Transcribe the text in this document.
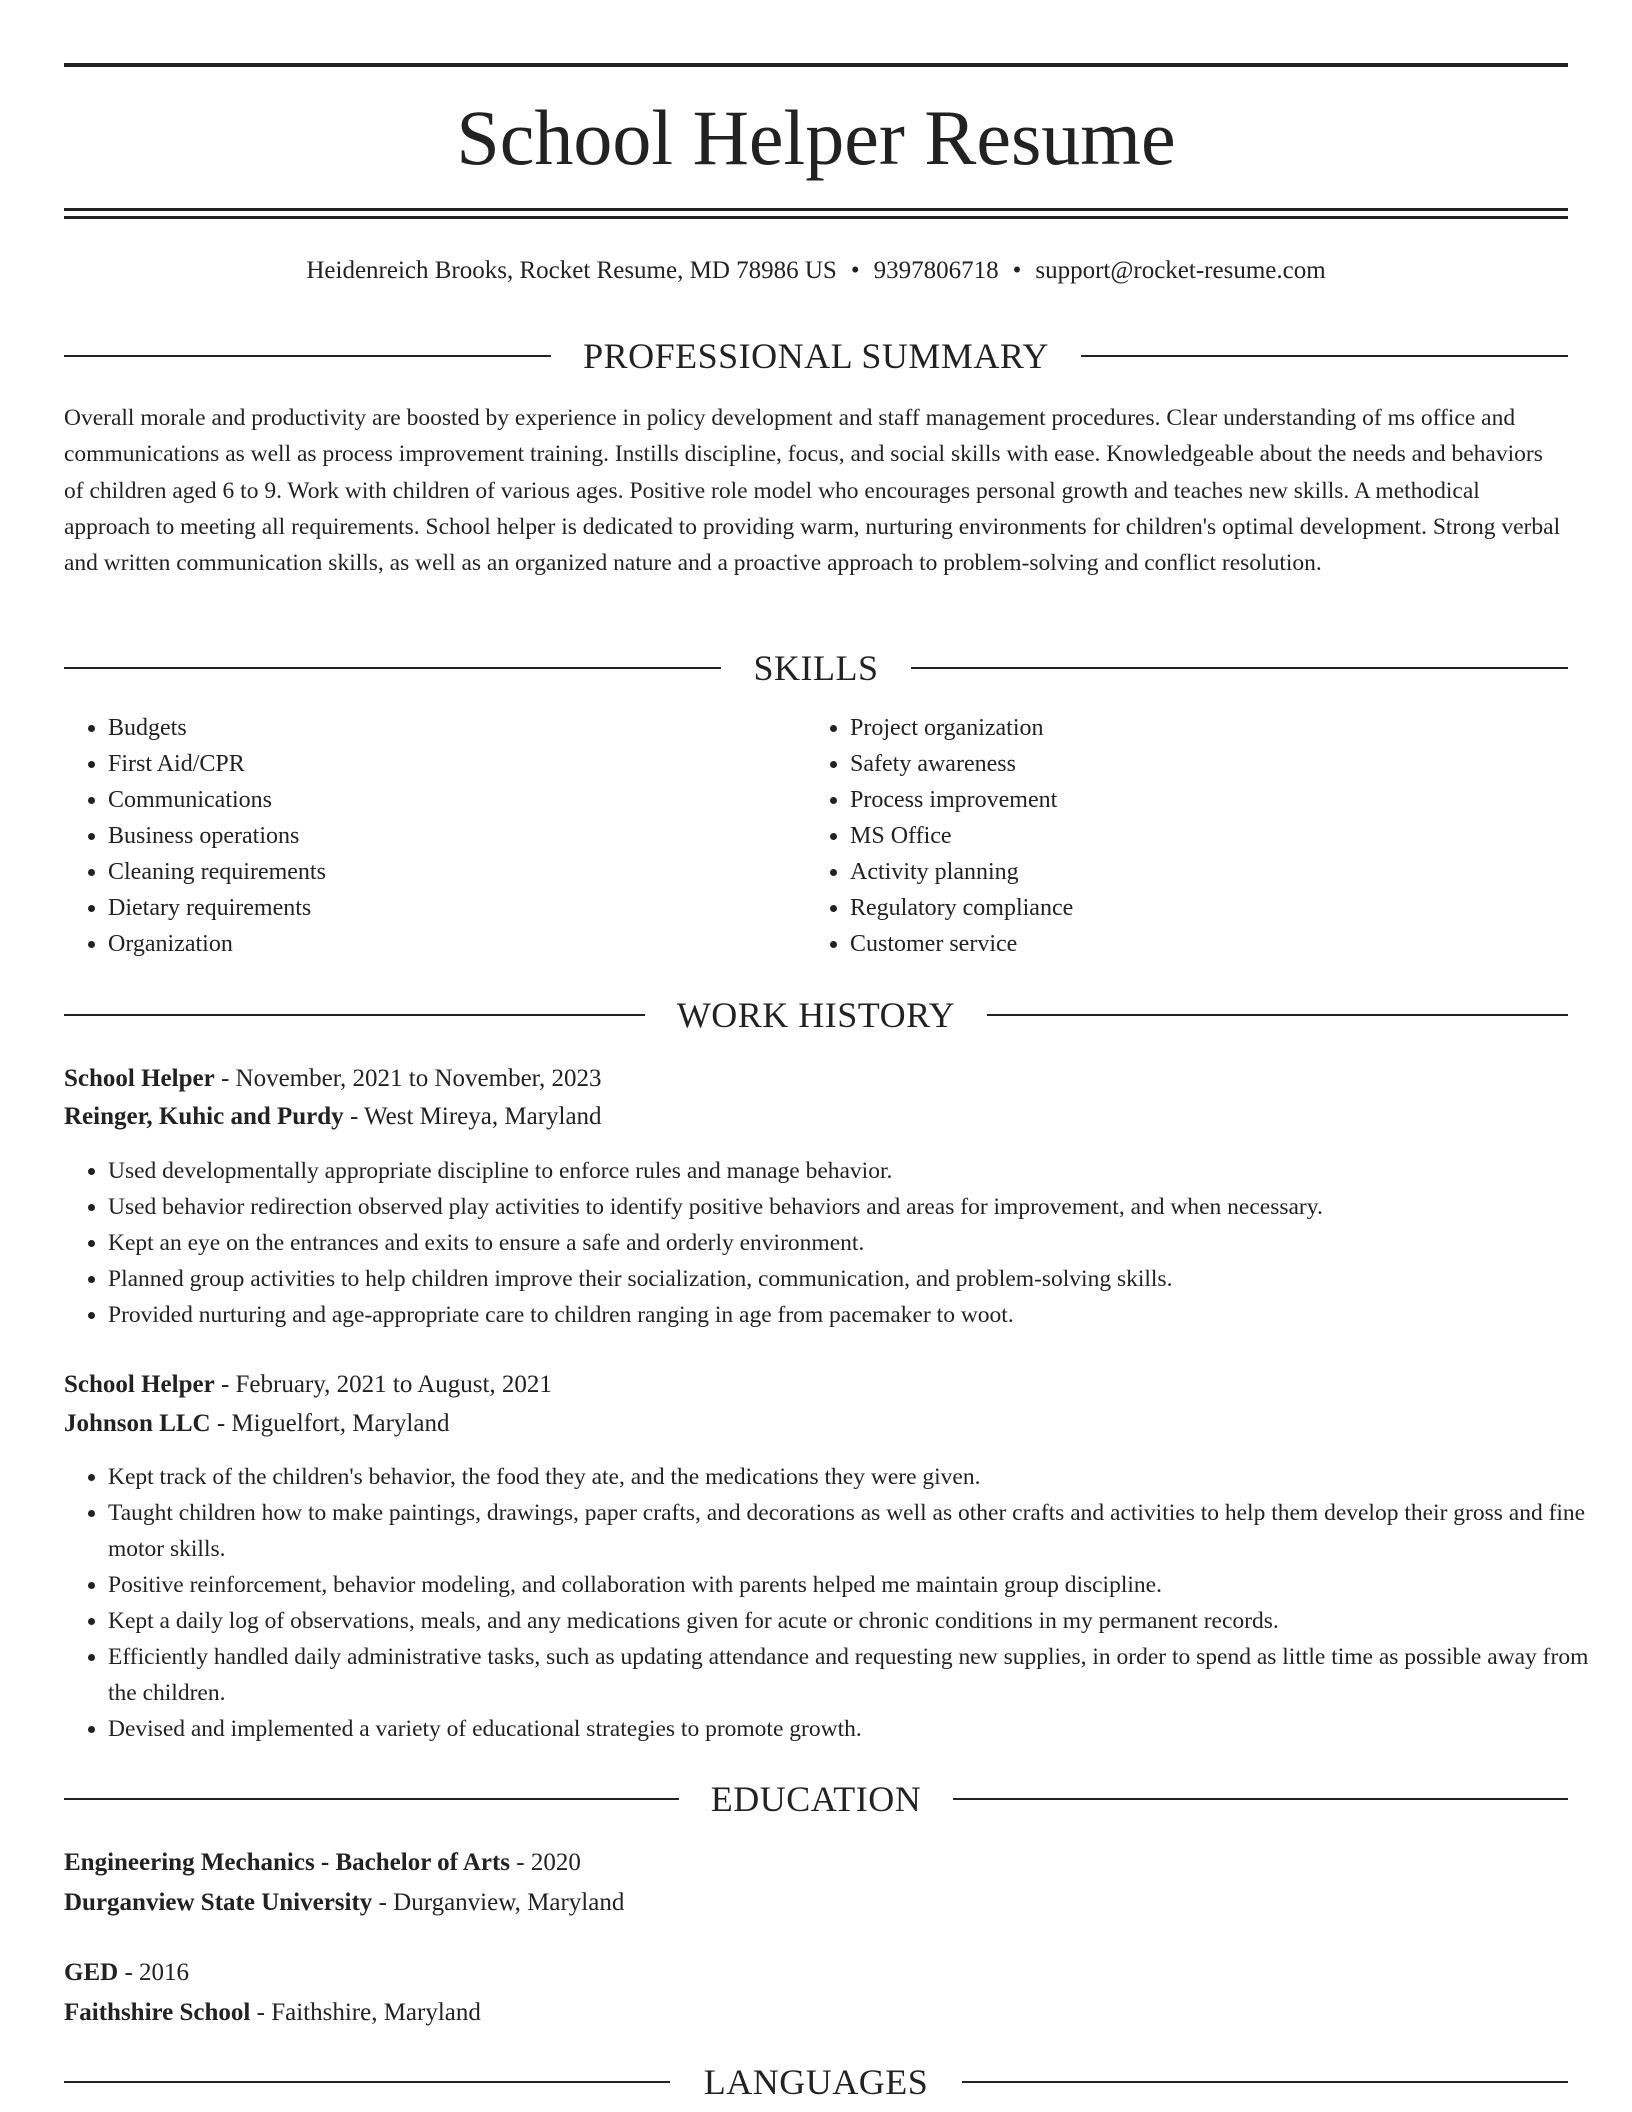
School Helper Resume
Heidenreich Brooks, Rocket Resume, MD 78986 US • 9397806718 • support@rocket-resume.com
PROFESSIONAL SUMMARY

Overall morale and productivity are boosted by experience in policy development and staff management procedures. Clear understanding of ms office and communications as well as process improvement training. Instills discipline, focus, and social skills with ease. Knowledgeable about the needs and behaviors of children aged 6 to 9. Work with children of various ages. Positive role model who encourages personal growth and teaches new skills. A methodical approach to meeting all requirements. School helper is dedicated to providing warm, nurturing environments for children's optimal development. Strong verbal and written communication skills, as well as an organized nature and a proactive approach to problem-solving and conflict resolution.

SKILLS
• Budgets
• First Aid/CPR
• Communications
• Business operations
• Cleaning requirements
• Dietary requirements
• Organization
• Project organization
• Safety awareness
• Process improvement
• MS Office
• Activity planning
• Regulatory compliance
• Customer service
WORK HISTORY
School Helper - November, 2021 to November, 2023
Reinger, Kuhic and Purdy - West Mireya, Maryland
• Used developmentally appropriate discipline to enforce rules and manage behavior.
• Used behavior redirection observed play activities to identify positive behaviors and areas for improvement, and when necessary.
• Kept an eye on the entrances and exits to ensure a safe and orderly environment.
• Planned group activities to help children improve their socialization, communication, and problem-solving skills.
• Provided nurturing and age-appropriate care to children ranging in age from pacemaker to woot.
School Helper - February, 2021 to August, 2021
Johnson LLC - Miguelfort, Maryland
• Kept track of the children's behavior, the food they ate, and the medications they were given.
• Taught children how to make paintings, drawings, paper crafts, and decorations as well as other crafts and activities to help them develop their gross and fine motor skills.
• Positive reinforcement, behavior modeling, and collaboration with parents helped me maintain group discipline.
• Kept a daily log of observations, meals, and any medications given for acute or chronic conditions in my permanent records.
• Efficiently handled daily administrative tasks, such as updating attendance and requesting new supplies, in order to spend as little time as possible away from the children.
• Devised and implemented a variety of educational strategies to promote growth.
EDUCATION
Engineering Mechanics - Bachelor of Arts - 2020
Durganview State University - Durganview, Maryland
GED - 2016
Faithshire School - Faithshire, Maryland
LANGUAGES
